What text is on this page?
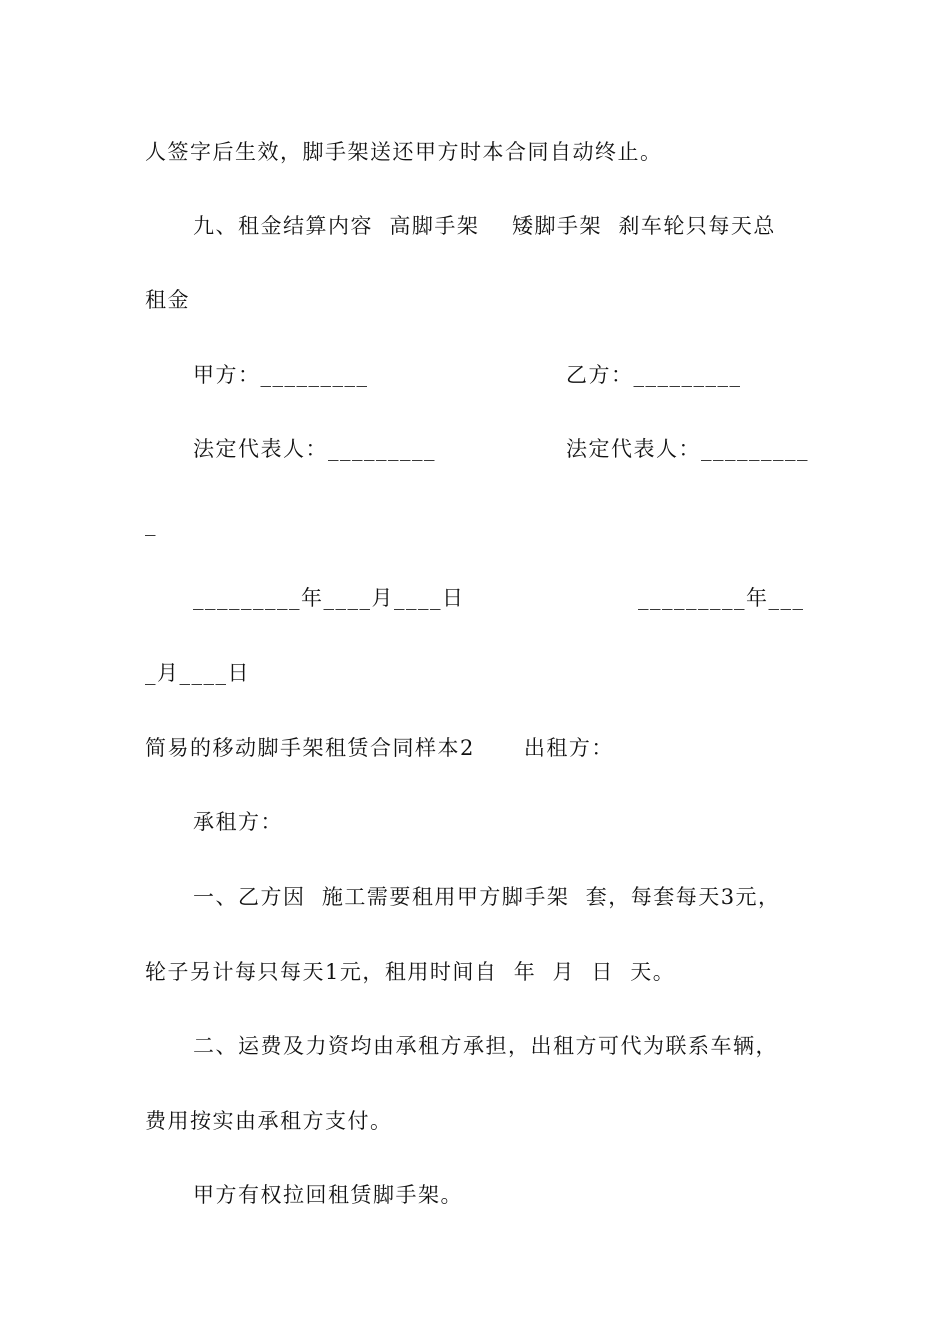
人签字后生效，脚手架送还甲方时本合同自动终止。
九、租金结算内容  高脚手架    矮脚手架  刹车轮只每天总
租金
甲方：_________	乙方：_________
法定代表人：_________	法定代表人：_________
_
_________年____月____日	_________年___
_月____日
简易的移动脚手架租赁合同样本2      出租方：
承租方：
一、乙方因  施工需要租用甲方脚手架  套，每套每天3元，
轮子另计每只每天1元，租用时间自  年  月  日  天。
二、运费及力资均由承租方承担，出租方可代为联系车辆，
费用按实由承租方支付。
甲方有权拉回租赁脚手架。
